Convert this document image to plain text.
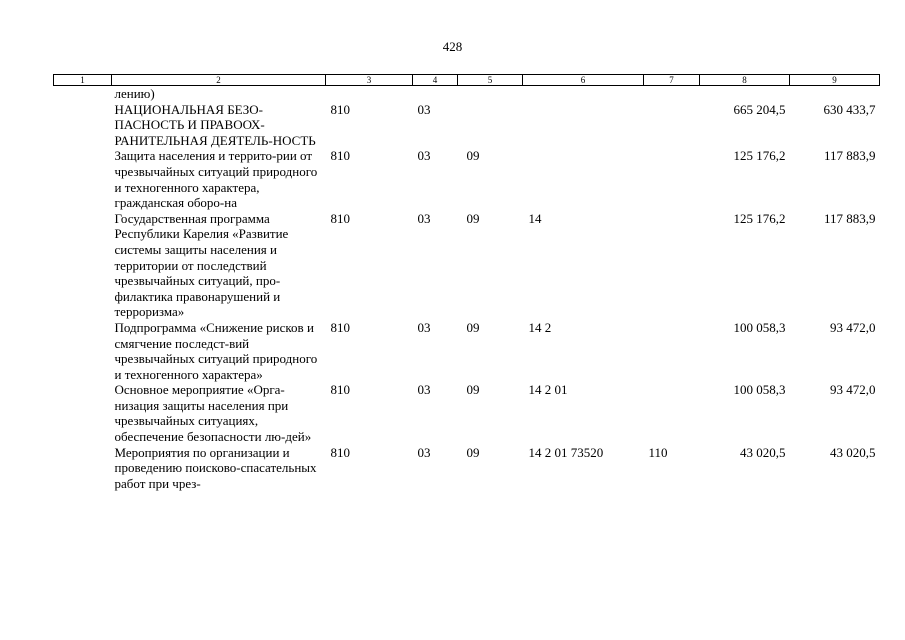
428
1	2	3	4	5	6	7	8	9
	лению)							
	НАЦИОНАЛЬНАЯ БЕЗО-ПАСНОСТЬ И ПРАВООХ-РАНИТЕЛЬНАЯ ДЕЯТЕЛЬ-НОСТЬ	810	03				665 204,5	630 433,7
	Защита населения и террито-рии от чрезвычайных ситуаций природного и техногенного характера, гражданская оборо-на	810	03	09			125 176,2	117 883,9
	Государственная программа Республики Карелия «Развитие системы защиты населения и территории от последствий чрезвычайных ситуаций, про-филактика правонарушений и терроризма»	810	03	09	14		125 176,2	117 883,9
	Подпрограмма «Снижение рисков и смягчение последст-вий чрезвычайных ситуаций природного и техногенного характера»	810	03	09	14 2		100 058,3	93 472,0
	Основное мероприятие «Орга-низация защиты населения при чрезвычайных ситуациях, обеспечение безопасности лю-дей»	810	03	09	14 2 01		100 058,3	93 472,0
	Мероприятия по организации и проведению поисково-спасательных работ при чрез-	810	03	09	14 2 01 73520	110	43 020,5	43 020,5
